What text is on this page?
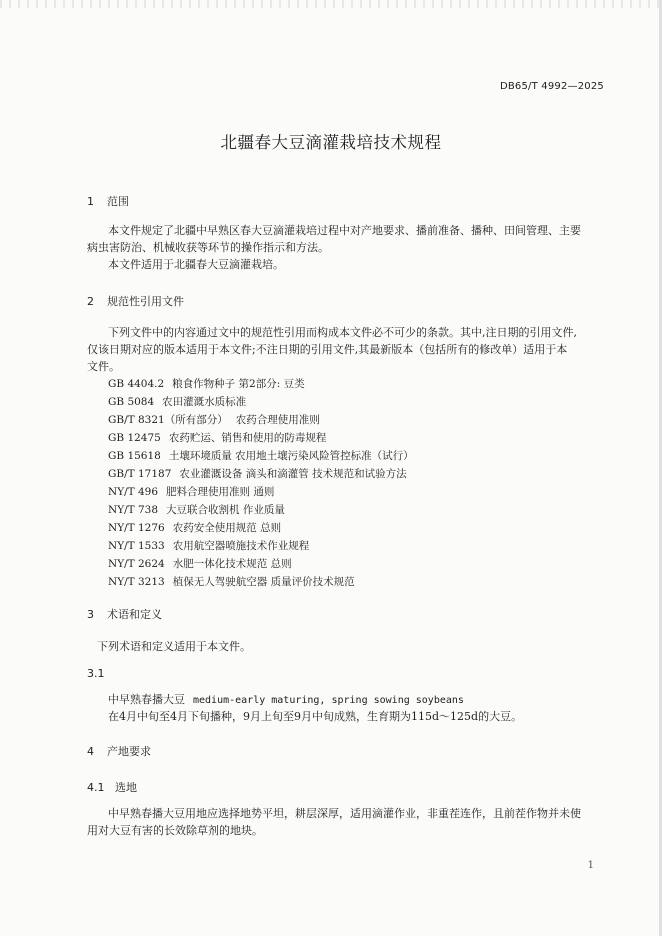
DB65/T 4992—2025
北疆春大豆滴灌栽培技术规程
1 范围
本文件规定了北疆中早熟区春大豆滴灌栽培过程中对产地要求、播前准备、播种、田间管理、主要
病虫害防治、机械收获等环节的操作指示和方法。
本文件适用于北疆春大豆滴灌栽培。
2 规范性引用文件
下列文件中的内容通过文中的规范性引用而构成本文件必不可少的条款。其中,注日期的引用文件,
仅该日期对应的版本适用于本文件;不注日期的引用文件,其最新版本（包括所有的修改单）适用于本
文件。
GB 4404.2 粮食作物种子 第2部分: 豆类
GB 5084 农田灌溉水质标准
GB/T 8321（所有部分） 农药合理使用准则
GB 12475 农药贮运、销售和使用的防毒规程
GB 15618 土壤环境质量 农用地土壤污染风险管控标准（试行）
GB/T 17187 农业灌溉设备 滴头和滴灌管 技术规范和试验方法
NY/T 496 肥料合理使用准则 通则
NY/T 738 大豆联合收割机 作业质量
NY/T 1276 农药安全使用规范 总则
NY/T 1533 农用航空器喷施技术作业规程
NY/T 2624 水肥一体化技术规范 总则
NY/T 3213 植保无人驾驶航空器 质量评价技术规范
3 术语和定义
下列术语和定义适用于本文件。
3.1
中早熟春播大豆 medium-early maturing, spring sowing soybeans
在4月中旬至4月下旬播种，9月上旬至9月中旬成熟，生育期为115d～125d的大豆。
4 产地要求
4.1 选地
中早熟春播大豆用地应选择地势平坦，耕层深厚，适用滴灌作业，非重茬连作，且前茬作物并未使
用对大豆有害的长效除草剂的地块。
1
